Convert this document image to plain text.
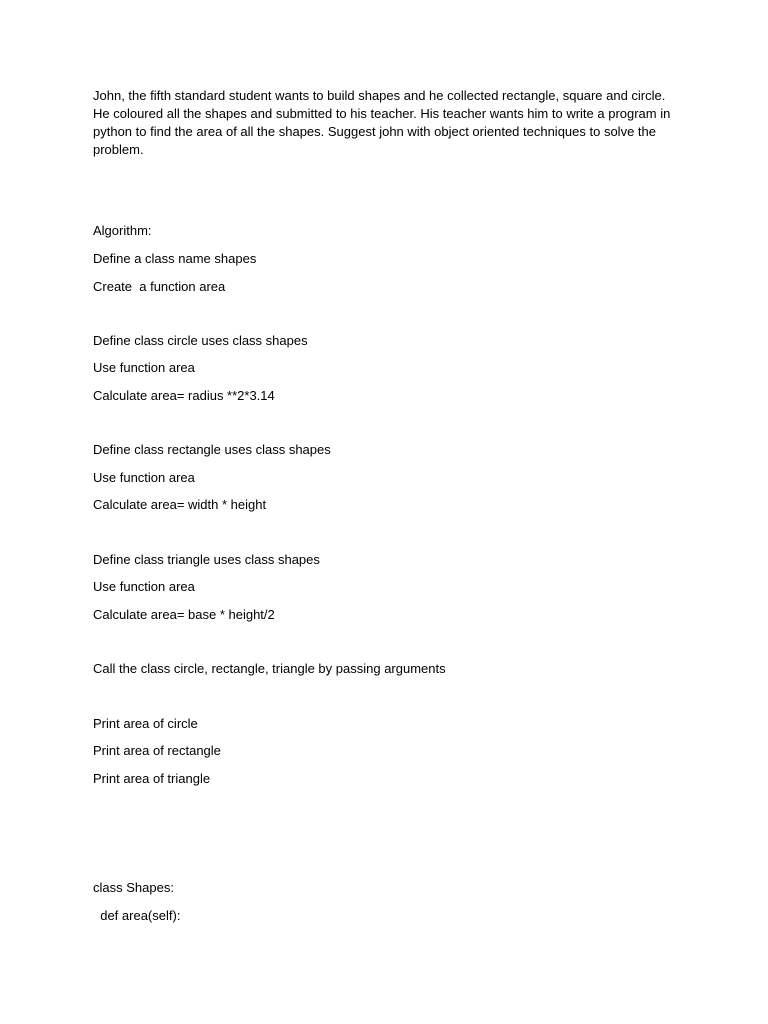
John, the fifth standard student wants to build shapes and he collected rectangle, square and circle. He coloured all the shapes and submitted to his teacher. His teacher wants him to write a program in python to find the area of all the shapes. Suggest john with object oriented techniques to solve the problem.

Algorithm:

Define a class name shapes

Create  a function area

Define class circle uses class shapes

Use function area

Calculate area= radius **2*3.14

Define class rectangle uses class shapes

Use function area

Calculate area= width * height

Define class triangle uses class shapes

Use function area

Calculate area= base * height/2

Call the class circle, rectangle, triangle by passing arguments

Print area of circle

Print area of rectangle

Print area of triangle

class Shapes:

def area(self):
